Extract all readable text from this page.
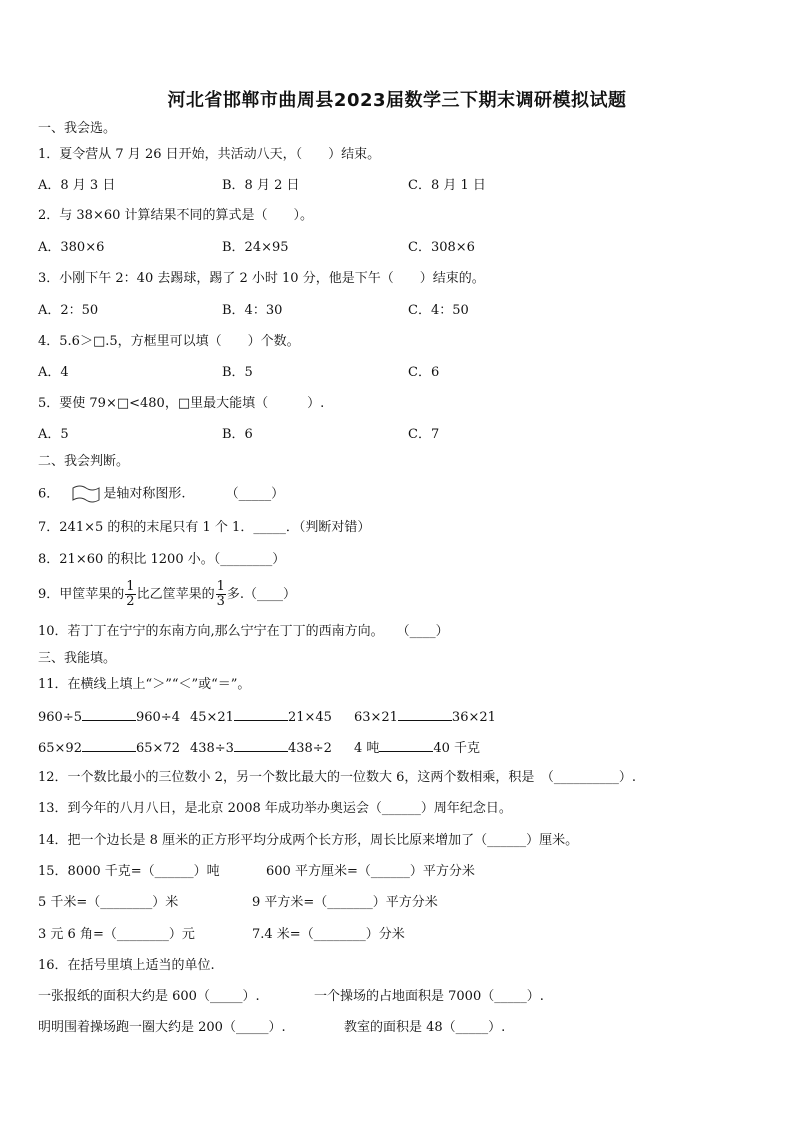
河北省邯郸市曲周县2023届数学三下期末调研模拟试题
一、我会选。
1．夏令营从 7 月 26 日开始，共活动八天，（　　）结束。
A．8 月 3 日	B．8 月 2 日	C．8 月 1 日
2．与 38×60 计算结果不同的算式是（　　）。
A．380×6	B．24×95	C．308×6
3．小刚下午 2：40 去踢球，踢了 2 小时 10 分，他是下午（　　）结束的。
A．2：50	B．4：30	C．4：50
4．5.6＞□.5，方框里可以填（　　）个数。
A．4	B．5	C．6
5．要使 79×□<480，□里最大能填（　　　）.
A．5	B．6	C．7
二、我会判断。
6．	是轴对称图形.	（_____）
7．241×5 的积的末尾只有 1 个 1．_____．（判断对错）
8．21×60 的积比 1200 小。（________）
9．甲筐苹果的 $\frac{1}{2}$ 比乙筐苹果的 $\frac{1}{3}$ 多.（____）
10．若丁丁在宁宁的东南方向,那么宁宁在丁丁的西南方向。　　（____）
三、我能填。
11．在横线上填上“＞”“＜”或“＝”。
960÷5	960÷4 45×21	21×45 63×21	36×21
65×92	65×72 438÷3	438÷2 4 吨	40 千克
12．一个数比最小的三位数小 2，另一个数比最大的一位数大 6，这两个数相乘，积是　（__________）.
13．到今年的八月八日，是北京 2008 年成功举办奥运会（______）周年纪念日。
14．把一个边长是 8 厘米的正方形平均分成两个长方形，周长比原来增加了（______）厘米。
15．8000 千克=（______）吨	600 平方厘米=（______）平方分米
5 千米=（________）米	9 平方米=（_______）平方分米
3 元 6 角=（________）元	7.4 米=（________）分米
16．在括号里填上适当的单位.
一张报纸的面积大约是 600（_____）.	一个操场的占地面积是 7000（_____）.
明明围着操场跑一圈大约是 200（_____）.	教室的面积是 48（_____）.
